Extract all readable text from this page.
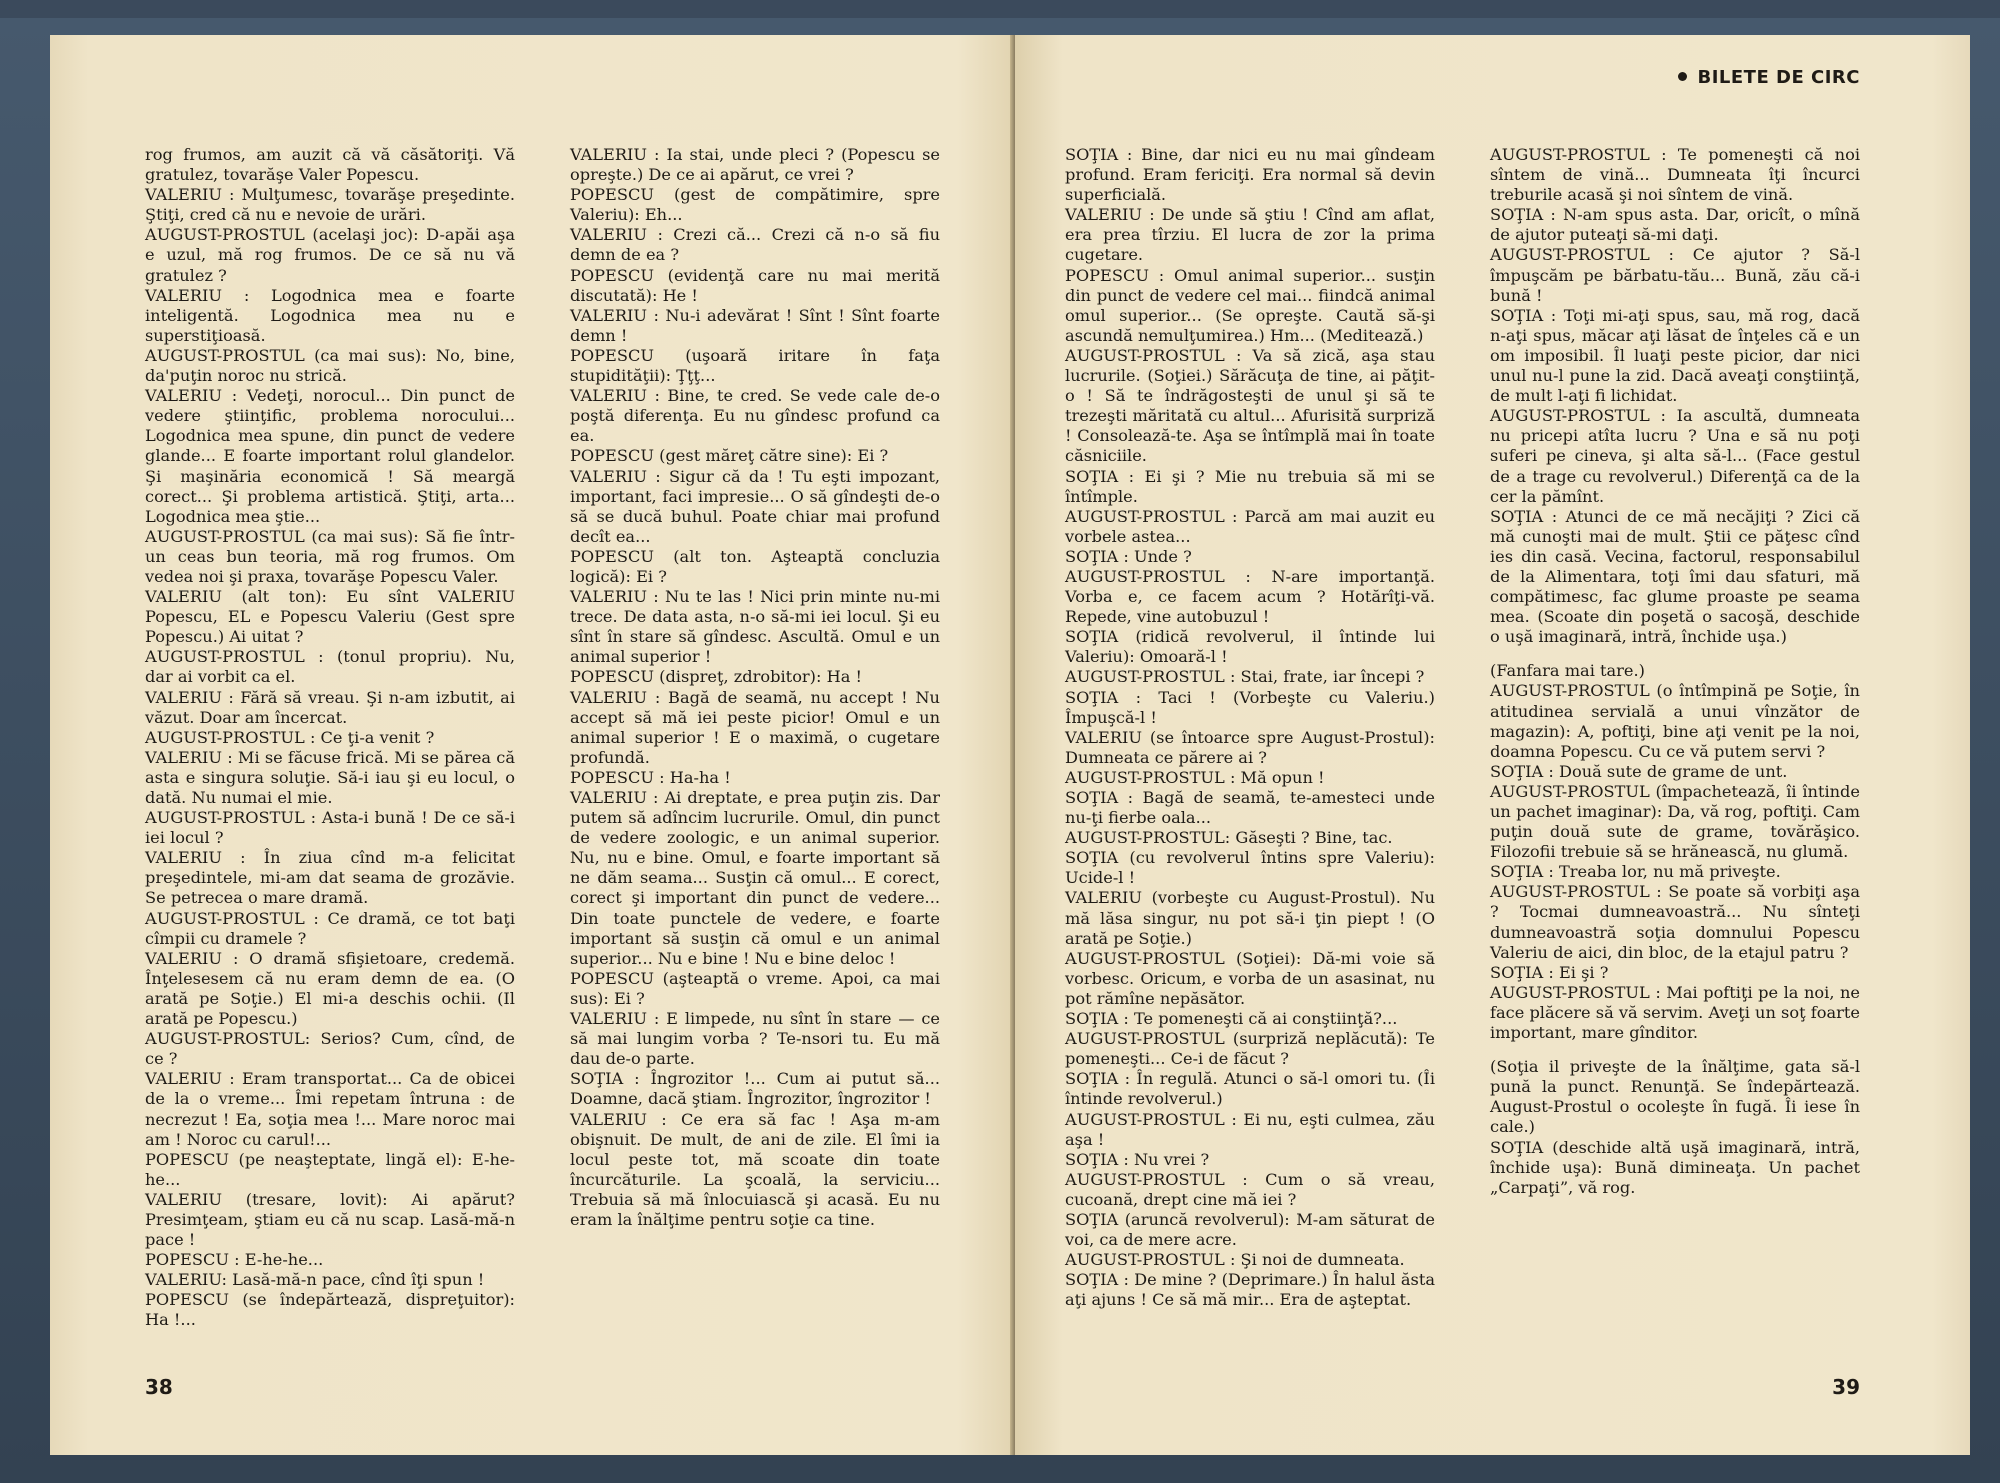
rog frumos, am auzit că vă căsătoriţi. Vă gratulez, tovarăşe Valer Popescu.

VALERIU : Mulţumesc, tovarăşe preşedinte. Ştiţi, cred că nu e nevoie de urări.

AUGUST-PROSTUL (acelaşi joc): D-apăi aşa e uzul, mă rog frumos. De ce să nu vă gratulez ?

VALERIU : Logodnica mea e foarte inteligentă. Logodnica mea nu e superstiţioasă.

AUGUST-PROSTUL (ca mai sus): No, bine, da'puţin noroc nu strică.

VALERIU : Vedeţi, norocul... Din punct de vedere ştiinţific, problema norocului... Logodnica mea spune, din punct de vedere glande... E foarte important rolul glandelor. Şi maşinăria economică ! Să meargă corect... Şi problema artistică. Ştiţi, arta... Logodnica mea ştie...

AUGUST-PROSTUL (ca mai sus): Să fie într-un ceas bun teoria, mă rog frumos. Om vedea noi şi praxa, tovarăşe Popescu Valer.

VALERIU (alt ton): Eu sînt VALERIU Popescu, EL e Popescu Valeriu (Gest spre Popescu.) Ai uitat ?

AUGUST-PROSTUL : (tonul propriu). Nu, dar ai vorbit ca el.

VALERIU : Fără să vreau. Şi n-am izbutit, ai văzut. Doar am încercat.

AUGUST-PROSTUL : Ce ţi-a venit ?

VALERIU : Mi se făcuse frică. Mi se părea că asta e singura soluţie. Să-i iau şi eu locul, o dată. Nu numai el mie.

AUGUST-PROSTUL : Asta-i bună ! De ce să-i iei locul ?

VALERIU : În ziua cînd m-a felicitat preşedintele, mi-am dat seama de grozăvie. Se petrecea o mare dramă.

AUGUST-PROSTUL : Ce dramă, ce tot baţi cîmpii cu dramele ?

VALERIU : O dramă sfişietoare, credemă. Înţelesesem că nu eram demn de ea. (O arată pe Soţie.) El mi-a deschis ochii. (Il arată pe Popescu.)

AUGUST-PROSTUL: Serios? Cum, cînd, de ce ?

VALERIU : Eram transportat... Ca de obicei de la o vreme... Îmi repetam întruna : de necrezut ! Ea, soţia mea !... Mare noroc mai am ! Noroc cu carul!...

POPESCU (pe neaşteptate, lingă el): E-he-he...

VALERIU (tresare, lovit): Ai apărut? Presimţeam, ştiam eu că nu scap. Lasă-mă-n pace !

POPESCU : E-he-he...

VALERIU: Lasă-mă-n pace, cînd îţi spun !

POPESCU (se îndepărtează, dispreţuitor): Ha !...

VALERIU : Ia stai, unde pleci ? (Popescu se opreşte.) De ce ai apărut, ce vrei ?

POPESCU (gest de compătimire, spre Valeriu): Eh...

VALERIU : Crezi că... Crezi că n-o să fiu demn de ea ?

POPESCU (evidenţă care nu mai merită discutată): He !

VALERIU : Nu-i adevărat ! Sînt ! Sînt foarte demn !

POPESCU (uşoară iritare în faţa stupidităţii): Ţţţ...

VALERIU : Bine, te cred. Se vede cale de-o poştă diferenţa. Eu nu gîndesc profund ca ea.

POPESCU (gest măreţ către sine): Ei ?

VALERIU : Sigur că da ! Tu eşti impozant, important, faci impresie... O să gîndeşti de-o să se ducă buhul. Poate chiar mai profund decît ea...

POPESCU (alt ton. Aşteaptă concluzia logică): Ei ?

VALERIU : Nu te las ! Nici prin minte nu-mi trece. De data asta, n-o să-mi iei locul. Şi eu sînt în stare să gîndesc. Ascultă. Omul e un animal superior !

POPESCU (dispreţ, zdrobitor): Ha !

VALERIU : Bagă de seamă, nu accept ! Nu accept să mă iei peste picior! Omul e un animal superior ! E o maximă, o cugetare profundă.

POPESCU : Ha-ha !

VALERIU : Ai dreptate, e prea puţin zis. Dar putem să adîncim lucrurile. Omul, din punct de vedere zoologic, e un animal superior. Nu, nu e bine. Omul, e foarte important să ne dăm seama... Susţin că omul... E corect, corect şi important din punct de vedere... Din toate punctele de vedere, e foarte important să susţin că omul e un animal superior... Nu e bine ! Nu e bine deloc !

POPESCU (aşteaptă o vreme. Apoi, ca mai sus): Ei ?

VALERIU : E limpede, nu sînt în stare — ce să mai lungim vorba ? Te-nsori tu. Eu mă dau de-o parte.

SOŢIA : Îngrozitor !... Cum ai putut să... Doamne, dacă ştiam. Îngrozitor, îngrozitor !

VALERIU : Ce era să fac ! Aşa m-am obişnuit. De mult, de ani de zile. El îmi ia locul peste tot, mă scoate din toate încurcăturile. La şcoală, la serviciu... Trebuia să mă înlocuiască şi acasă. Eu nu eram la înălţime pentru soţie ca tine.

38
BILETE DE CIRC

SOŢIA : Bine, dar nici eu nu mai gîndeam profund. Eram fericiţi. Era normal să devin superficială.

VALERIU : De unde să ştiu ! Cînd am aflat, era prea tîrziu. El lucra de zor la prima cugetare.

POPESCU : Omul animal superior... susţin din punct de vedere cel mai... fiindcă animal omul superior... (Se opreşte. Caută să-şi ascundă nemulţumirea.) Hm... (Meditează.)

AUGUST-PROSTUL : Va să zică, aşa stau lucrurile. (Soţiei.) Sărăcuţa de tine, ai păţit-o ! Să te îndrăgosteşti de unul şi să te trezeşti măritată cu altul... Afurisită surpriză ! Consolează-te. Aşa se întîmplă mai în toate căsniciile.

SOŢIA : Ei şi ? Mie nu trebuia să mi se întîmple.

AUGUST-PROSTUL : Parcă am mai auzit eu vorbele astea...

SOŢIA : Unde ?

AUGUST-PROSTUL : N-are importanţă. Vorba e, ce facem acum ? Hotărîţi-vă. Repede, vine autobuzul !

SOŢIA (ridică revolverul, il întinde lui Valeriu): Omoară-l !

AUGUST-PROSTUL : Stai, frate, iar începi ?

SOŢIA : Taci ! (Vorbeşte cu Valeriu.) Împuşcă-l !

VALERIU (se întoarce spre August-Prostul): Dumneata ce părere ai ?

AUGUST-PROSTUL : Mă opun !

SOŢIA : Bagă de seamă, te-amesteci unde nu-ţi fierbe oala...

AUGUST-PROSTUL: Găseşti ? Bine, tac.

SOŢIA (cu revolverul întins spre Valeriu): Ucide-l !

VALERIU (vorbeşte cu August-Prostul). Nu mă lăsa singur, nu pot să-i ţin piept ! (O arată pe Soţie.)

AUGUST-PROSTUL (Soţiei): Dă-mi voie să vorbesc. Oricum, e vorba de un asasinat, nu pot rămîne nepăsător.

SOŢIA : Te pomeneşti că ai conştiinţă?...

AUGUST-PROSTUL (surpriză neplăcută): Te pomeneşti... Ce-i de făcut ?

SOŢIA : În regulă. Atunci o să-l omori tu. (Îi întinde revolverul.)

AUGUST-PROSTUL : Ei nu, eşti culmea, zău aşa !

SOŢIA : Nu vrei ?

AUGUST-PROSTUL : Cum o să vreau, cucoană, drept cine mă iei ?

SOŢIA (aruncă revolverul): M-am săturat de voi, ca de mere acre.

AUGUST-PROSTUL : Şi noi de dumneata.

SOŢIA : De mine ? (Deprimare.) În halul ăsta aţi ajuns ! Ce să mă mir... Era de aşteptat.

AUGUST-PROSTUL : Te pomeneşti că noi sîntem de vină... Dumneata îţi încurci treburile acasă şi noi sîntem de vină.

SOŢIA : N-am spus asta. Dar, oricît, o mînă de ajutor puteaţi să-mi daţi.

AUGUST-PROSTUL : Ce ajutor ? Să-l împuşcăm pe bărbatu-tău... Bună, zău că-i bună !

SOŢIA : Toţi mi-aţi spus, sau, mă rog, dacă n-aţi spus, măcar aţi lăsat de înţeles că e un om imposibil. Îl luaţi peste picior, dar nici unul nu-l pune la zid. Dacă aveaţi conştiinţă, de mult l-aţi fi lichidat.

AUGUST-PROSTUL : Ia ascultă, dumneata nu pricepi atîta lucru ? Una e să nu poţi suferi pe cineva, şi alta să-l... (Face gestul de a trage cu revolverul.) Diferenţă ca de la cer la pămînt.

SOŢIA : Atunci de ce mă necăjiţi ? Zici că mă cunoşti mai de mult. Ştii ce păţesc cînd ies din casă. Vecina, factorul, responsabilul de la Alimentara, toţi îmi dau sfaturi, mă compătimesc, fac glume proaste pe seama mea. (Scoate din poşetă o sacoşă, deschide o uşă imaginară, intră, închide uşa.)

(Fanfara mai tare.)

AUGUST-PROSTUL (o întîmpină pe Soţie, în atitudinea servială a unui vînzător de magazin): A, poftiţi, bine aţi venit pe la noi, doamna Popescu. Cu ce vă putem servi ?

SOŢIA : Două sute de grame de unt.

AUGUST-PROSTUL (împachetează, îi întinde un pachet imaginar): Da, vă rog, poftiţi. Cam puţin două sute de grame, tovărăşico. Filozofii trebuie să se hrănească, nu glumă.

SOŢIA : Treaba lor, nu mă priveşte.

AUGUST-PROSTUL : Se poate să vorbiţi aşa ? Tocmai dumneavoastră... Nu sînteţi dumneavoastră soţia domnului Popescu Valeriu de aici, din bloc, de la etajul patru ?

SOŢIA : Ei şi ?

AUGUST-PROSTUL : Mai poftiţi pe la noi, ne face plăcere să vă servim. Aveţi un soţ foarte important, mare gînditor.

(Soţia il priveşte de la înălţime, gata să-l pună la punct. Renunţă. Se îndepărtează. August-Prostul o ocoleşte în fugă. Îi iese în cale.)

SOŢIA (deschide altă uşă imaginară, intră, închide uşa): Bună dimineaţa. Un pachet „Carpaţi”, vă rog.

39
